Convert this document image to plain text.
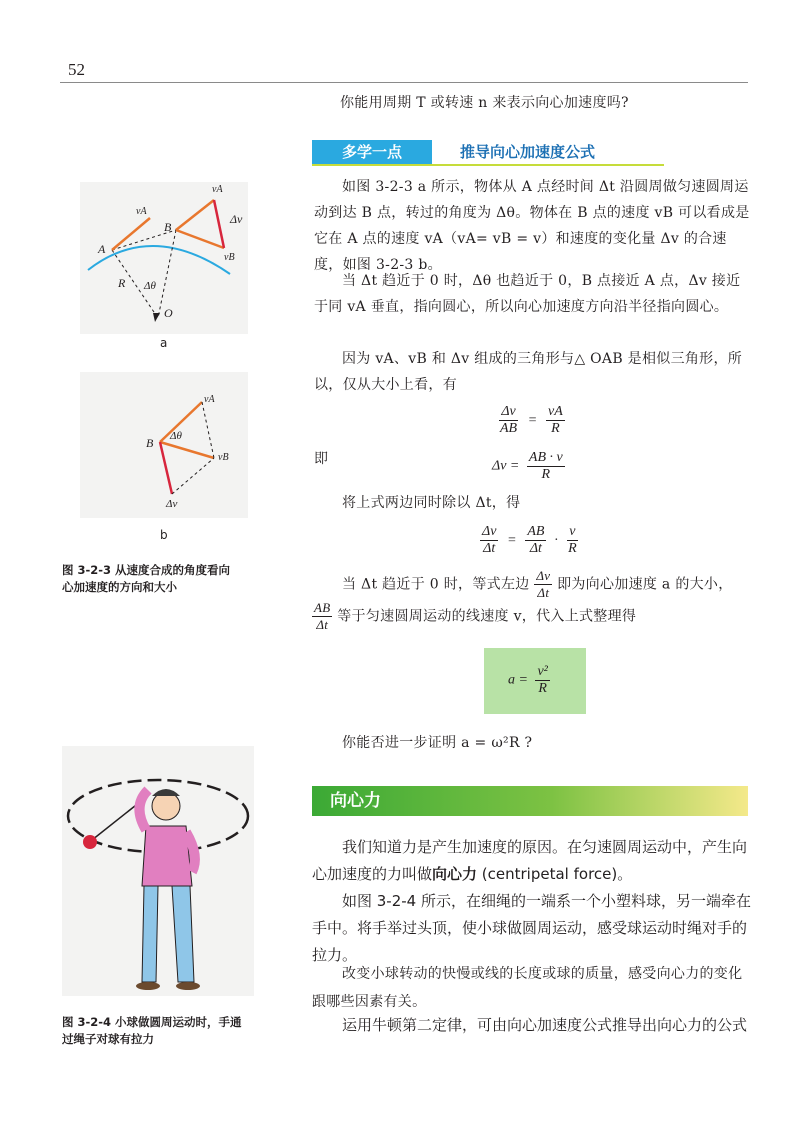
52
你能用周期 T 或转速 n 来表示向心加速度吗?
多学一点	推导向心加速度公式
如图 3-2-3 a 所示，物体从 A 点经时间 Δt 沿圆周做匀速圆周运动到达 B 点，转过的角度为 Δθ。物体在 B 点的速度 vB 可以看成是它在 A 点的速度 vA（vA= vB = v）和速度的变化量 Δv 的合速度，如图 3-2-3 b。
当 Δt 趋近于 0 时，Δθ 也趋近于 0，B 点接近 A 点，Δv 接近于同 vA 垂直，指向圆心，所以向心加速度方向沿半径指向圆心。
因为 vA、vB 和 Δv 组成的三角形与△ OAB 是相似三角形，所以，仅从大小上看，有
$\frac{\Delta v}{AB} = \frac{vA}{R}$
即	$\Delta v = \frac{AB \cdot v}{R}$
将上式两边同时除以 Δt，得
$\frac{\Delta v}{\Delta t} = \frac{AB}{\Delta t} \cdot \frac{v}{R}$
当 Δt 趋近于 0 时，等式左边 $\frac{\Delta v}{\Delta t}$ 即为向心加速度 a 的大小，
$\frac{AB}{\Delta t}$ 等于匀速圆周运动的线速度 v，代入上式整理得
$a = \frac{\text{v²}}{R}$
你能否进一步证明 a = ω²R ?
向心力
我们知道力是产生加速度的原因。在匀速圆周运动中，产生向心加速度的力叫做向心力 (centripetal force)。
如图 3-2-4 所示，在细绳的一端系一个小塑料球，另一端牵在手中。将手举过头顶，使小球做圆周运动，感受球运动时绳对手的拉力。
改变小球转动的快慢或线的长度或球的质量，感受向心力的变化跟哪些因素有关。
运用牛顿第二定律，可由向心加速度公式推导出向心力的公式
vA
vA
Δv
vB
A
B
R Δθ
O
a
vA
B Δθ
vB
Δv
b
图 3-2-3 从速度合成的角度看向
心加速度的方向和大小
图 3-2-4 小球做圆周运动时，手通
过绳子对球有拉力
